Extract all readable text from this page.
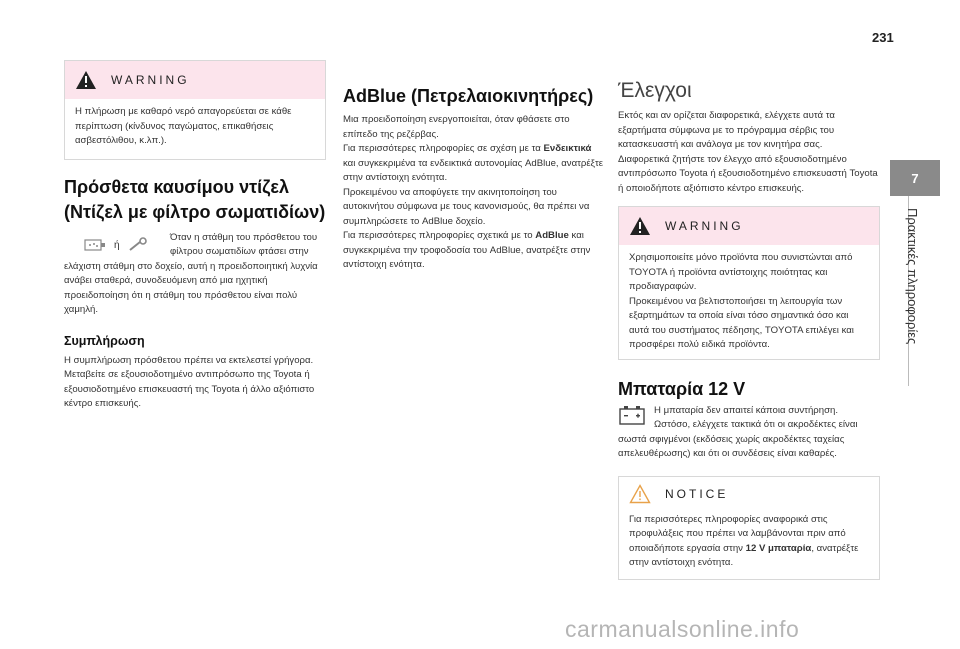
231
7
Πρακτικές πληροφορίες
WARNING
Η πλήρωση με καθαρό νερό απαγορεύεται σε κάθε περίπτωση (κίνδυνος παγώματος, επικαθήσεις ασβεστόλιθου, κ.λπ.).
Πρόσθετα καυσίμου ντίζελ
(Ντίζελ με φίλτρο σωματιδίων)
ή

Όταν η στάθμη του πρόσθετου του

φίλτρου σωματιδίων φτάσει στην

ελάχιστη στάθμη στο δοχείο, αυτή η προειδοποιητική λυχνία ανάβει σταθερά, συνοδευόμενη από μια ηχητική προειδοποίηση ότι η στάθμη του πρόσθετου είναι πολύ χαμηλή.

Συμπλήρωση

Η συμπλήρωση πρόσθετου πρέπει να εκτελεστεί γρήγορα.

Μεταβείτε σε εξουσιοδοτημένο αντιπρόσωπο της Toyota ή εξουσιοδοτημένο επισκευαστή της Toyota ή άλλο αξιόπιστο κέντρο επισκευής.

AdBlue (Πετρελαιοκινητήρες)

Μια προειδοποίηση ενεργοποιείται, όταν φθάσετε στο επίπεδο της ρεζέρβας.

Για περισσότερες πληροφορίες σε σχέση με τα Ενδεικτικά και συγκεκριμένα τα ενδεικτικά αυτονομίας AdBlue, ανατρέξτε στην αντίστοιχη ενότητα.

Προκειμένου να αποφύγετε την ακινητοποίηση του αυτοκινήτου σύμφωνα με τους κανονισμούς, θα πρέπει να συμπληρώσετε το AdBlue δοχείο.

Για περισσότερες πληροφορίες σχετικά με το AdBlue και συγκεκριμένα την τροφοδοσία του AdBlue, ανατρέξτε στην αντίστοιχη ενότητα.

Έλεγχοι

Εκτός και αν ορίζεται διαφορετικά, ελέγχετε αυτά τα εξαρτήματα σύμφωνα με το πρόγραμμα σέρβις του κατασκευαστή και ανάλογα με τον κινητήρα σας.

Διαφορετικά ζητήστε τον έλεγχο από εξουσιοδοτημένο αντιπρόσωπο Toyota ή εξουσιοδοτημένο επισκευαστή Toyota ή οποιοδήποτε αξιόπιστο κέντρο επισκευής.

WARNING
Χρησιμοποιείτε μόνο προϊόντα που συνιστώνται από TOYOTA ή προϊόντα αντίστοιχης ποιότητας και προδιαγραφών.
Προκειμένου να βελτιστοποιήσει τη λειτουργία των εξαρτημάτων τα οποία είναι τόσο σημαντικά όσο και αυτά του συστήματος πέδησης, TOYOTA επιλέγει και προσφέρει πολύ ειδικά προϊόντα.
Μπαταρία 12 V

Η μπαταρία δεν απαιτεί κάποια συντήρηση.

Ωστόσο, ελέγχετε τακτικά ότι οι ακροδέκτες είναι

σωστά σφιγμένοι (εκδόσεις χωρίς ακροδέκτες ταχείας απελευθέρωσης) και ότι οι συνδέσεις είναι καθαρές.

NOTICE
Για περισσότερες πληροφορίες αναφορικά στις προφυλάξεις που πρέπει να λαμβάνονται πριν από οποιαδήποτε εργασία στην 12 V μπαταρία, ανατρέξτε στην αντίστοιχη ενότητα.
carmanualsonline.info
